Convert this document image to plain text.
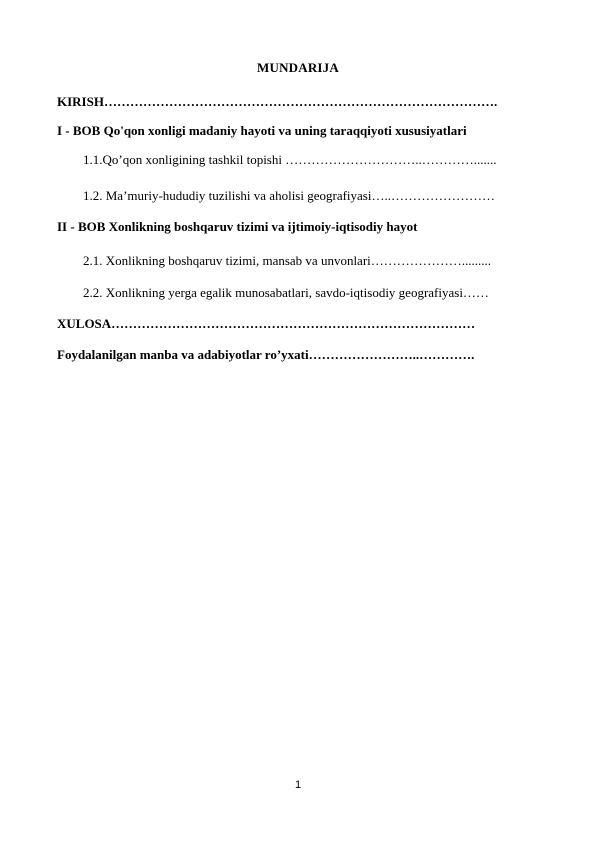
MUNDARIJA
KIRISH……………………………………………………………………………….
I - BOB Qo'qon xonligi madaniy hayoti va uning taraqqiyoti xususiyatlari
1.1.Qo’qon xonligining tashkil topishi …………………………..………….......
1.2. Ma’muriy-hududiy tuzilishi va aholisi geografiyasi…..……………………
II - BOB Xonlikning boshqaruv tizimi va ijtimoiy-iqtisodiy hayot
2.1. Xonlikning boshqaruv tizimi, mansab va unvonlari………………….........
2.2. Xonlikning yerga egalik munosabatlari, savdo-iqtisodiy geografiyasi……
XULOSA…………………………………………………………………………
Foydalanilgan manba va adabiyotlar ro’yxati……………………..………….
1
